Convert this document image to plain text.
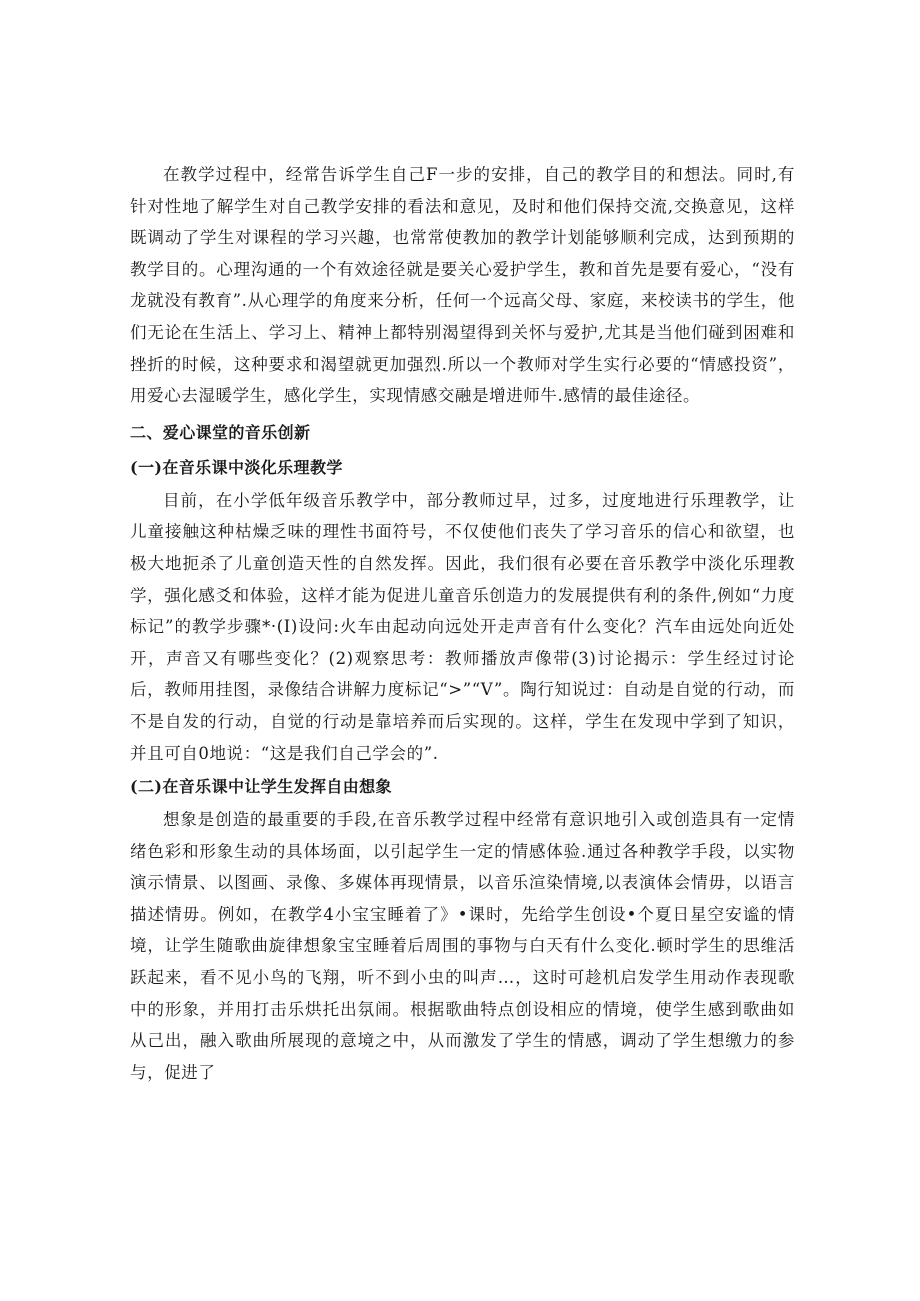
在教学过程中，经常告诉学生自己F一步的安排，自己的教学目的和想法。同时,有针对性地了解学生对自己教学安排的看法和意见，及时和他们保持交流,交换意见，这样既调动了学生对课程的学习兴趣，也常常使教加的教学计划能够顺利完成，达到预期的教学目的。心理沟通的一个有效途径就是要关心爱护学生，教和首先是要有爱心，“没有龙就没有教育”.从心理学的角度来分析，任何一个远高父母、家庭，来校读书的学生，他们无论在生活上、学习上、精神上都特别渴望得到关怀与爱护,尤其是当他们碰到困难和挫折的时候，这种要求和渴望就更加强烈.所以一个教师对学生实行必要的“情感投资”，用爱心去湿暖学生，感化学生，实现情感交融是增进师牛.感情的最佳途径。

二、爱心课堂的音乐创新
(一)在音乐课中淡化乐理教学

目前，在小学低年级音乐教学中，部分教师过早，过多，过度地进行乐理教学，让儿童接触这种枯燥乏味的理性书面符号，不仅使他们丧失了学习音乐的信心和欲望，也极大地扼杀了儿童创造天性的自然发挥。因此，我们很有必要在音乐教学中淡化乐理教学，强化感爻和体验，这样才能为促进儿童音乐创造力的发展提供有利的条件,例如“力度标记”的教学步骤*·(I)设问:火车由起动向远处开走声音有什么变化？汽车由远处向近处开，声音又有哪些变化？(2)观察思考：教师播放声像带(3)讨论揭示：学生经过讨论后，教师用挂图，录像结合讲解力度标记“>”“V”。陶行知说过：自动是自觉的行动，而不是自发的行动，自觉的行动是靠培养而后实现的。这样，学生在发现中学到了知识，并且可自0地说：“这是我们自己学会的”.

(二)在音乐课中让学生发挥自由想象

想象是创造的最重要的手段,在音乐教学过程中经常有意识地引入或创造具有一定情绪色彩和形象生动的具体场面，以引起学生一定的情感体验.通过各种教学手段，以实物演示情景、以图画、录像、多媒体再现情景，以音乐渲染情境,以表演体会情毋，以语言描述情毋。例如，在教学4小宝宝睡着了》•课时，先给学生创设•个夏日星空安谧的情境，让学生随歌曲旋律想象宝宝睡着后周围的事物与白天有什么变化.顿时学生的思维活跃起来，看不见小鸟的飞翔，听不到小虫的叫声…，这时可趁机启发学生用动作表现歌中的形象，并用打击乐烘托出氛闹。根据歌曲特点创设相应的情境，使学生感到歌曲如从己出，融入歌曲所展现的意境之中，从而激发了学生的情感，调动了学生想缴力的参与，促进了
